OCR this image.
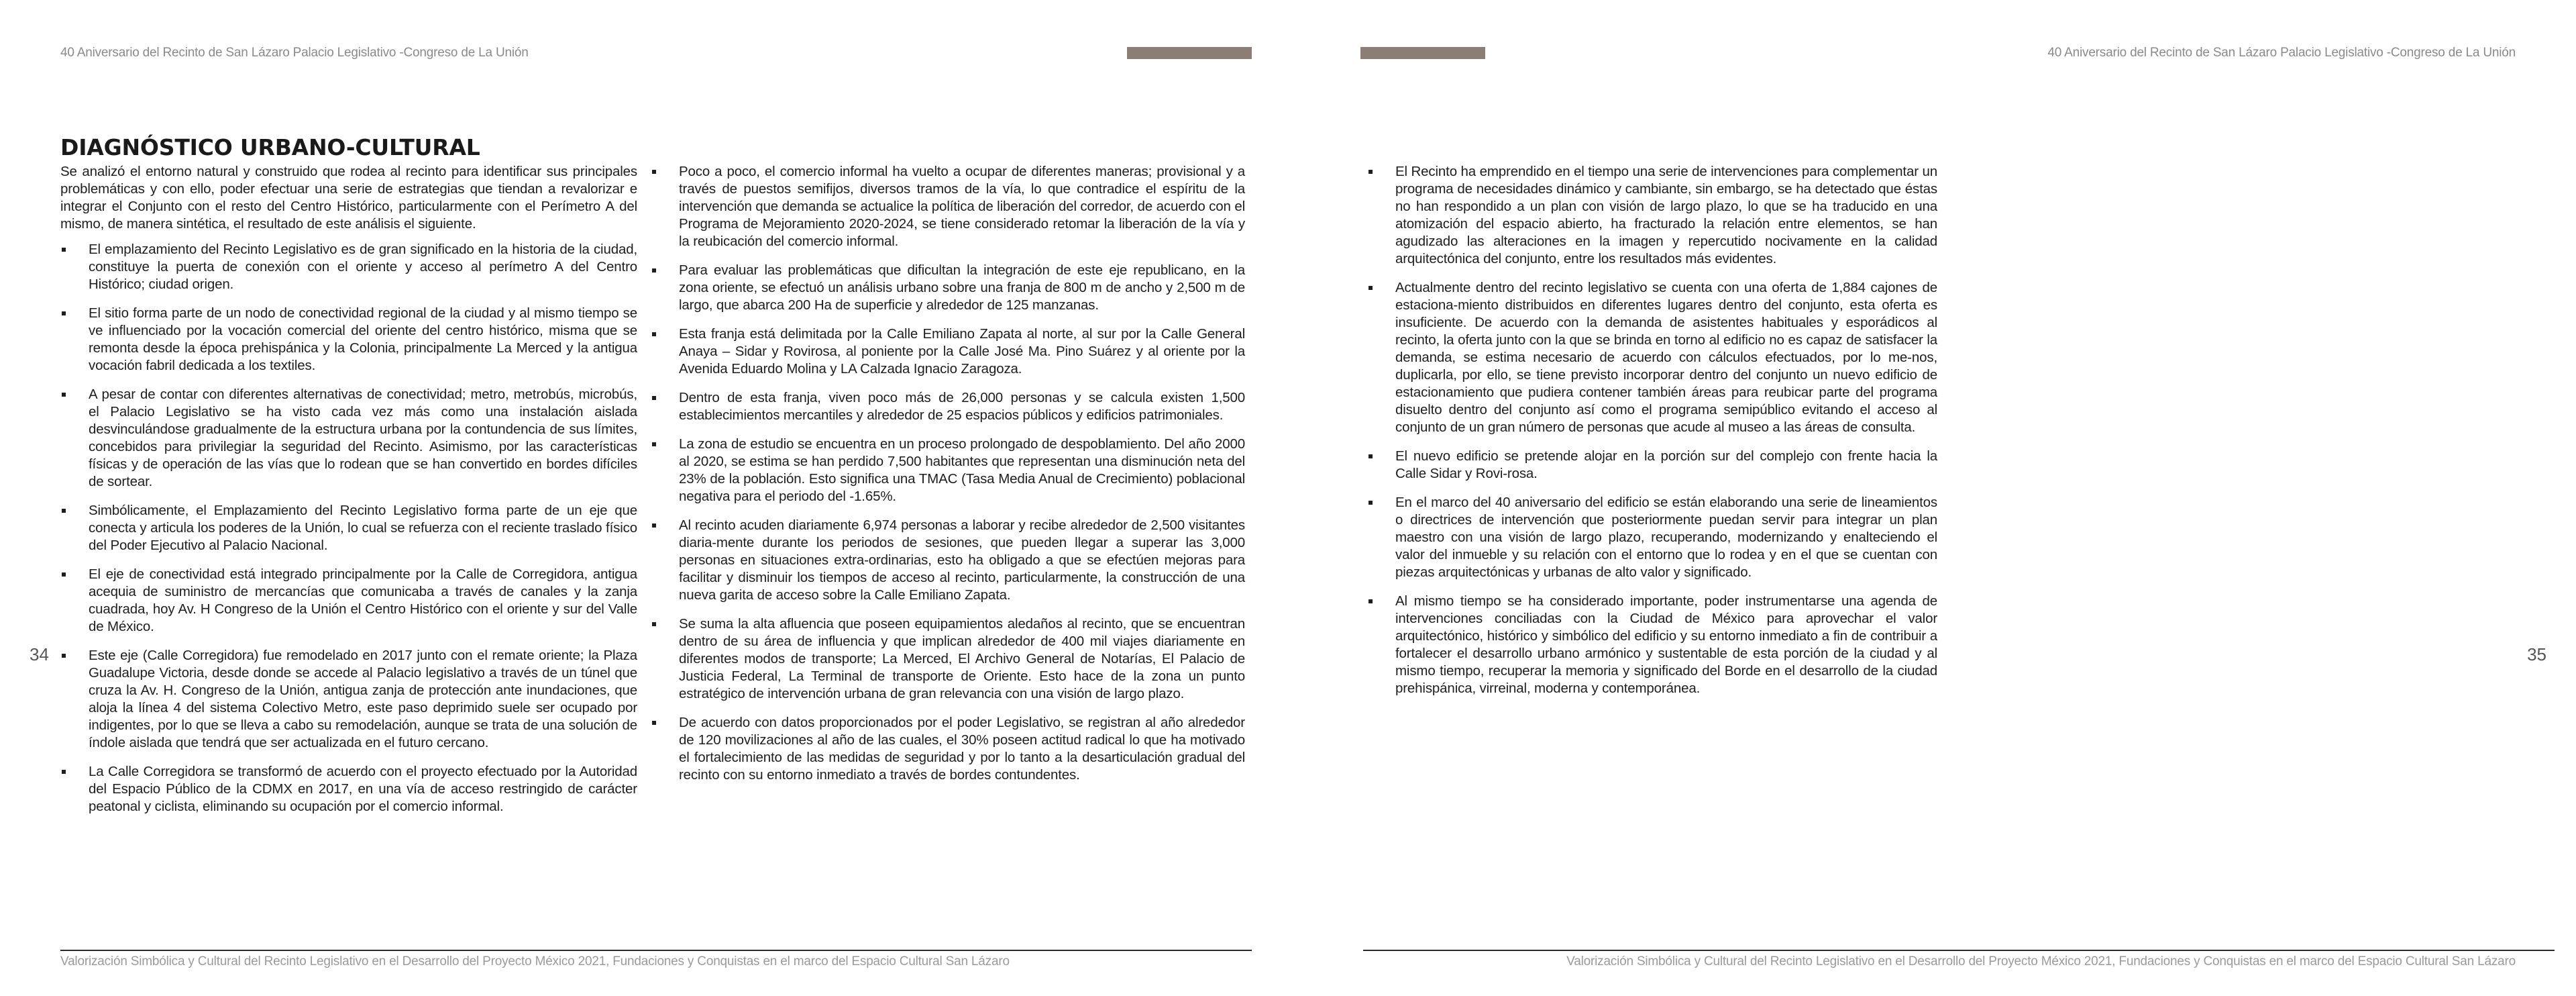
40 Aniversario del Recinto de San Lázaro Palacio Legislativo -Congreso de La Unión	40 Aniversario del Recinto de San Lázaro Palacio Legislativo -Congreso de La Unión
34	35
DIAGNÓSTICO URBANO-CULTURAL

Se analizó el entorno natural y construido que rodea al recinto para identificar sus principales problemáticas y con ello, poder efectuar una serie de estrategias que tiendan a revalorizar e integrar el Conjunto con el resto del Centro Histórico, particularmente con el Perímetro A del mismo, de manera sintética, el resultado de este análisis el siguiente.

El emplazamiento del Recinto Legislativo es de gran significado en la historia de la ciudad, constituye la puerta de conexión con el oriente y acceso al perímetro A del Centro Histórico; ciudad origen.
El sitio forma parte de un nodo de conectividad regional de la ciudad y al mismo tiempo se ve influenciado por la vocación comercial del oriente del centro histórico, misma que se remonta desde la época prehispánica y la Colonia, principalmente La Merced y la antigua vocación fabril dedicada a los textiles.
A pesar de contar con diferentes alternativas de conectividad; metro, metrobús, microbús, el Palacio Legislativo se ha visto cada vez más como una instalación aislada desvinculándose gradualmente de la estructura urbana por la contundencia de sus límites, concebidos para privilegiar la seguridad del Recinto. Asimismo, por las características físicas y de operación de las vías que lo rodean que se han convertido en bordes difíciles de sortear.
Simbólicamente, el Emplazamiento del Recinto Legislativo forma parte de un eje que conecta y articula los poderes de la Unión, lo cual se refuerza con el reciente traslado físico del Poder Ejecutivo al Palacio Nacional.
El eje de conectividad está integrado principalmente por la Calle de Corregidora, antigua acequia de suministro de mercancías que comunicaba a través de canales y la zanja cuadrada, hoy Av. H Congreso de la Unión el Centro Histórico con el oriente y sur del Valle de México.
Este eje (Calle Corregidora) fue remodelado en 2017 junto con el remate oriente; la Plaza Guadalupe Victoria, desde donde se accede al Palacio legislativo a través de un túnel que cruza la Av. H. Congreso de la Unión, antigua zanja de protección ante inundaciones, que aloja la línea 4 del sistema Colectivo Metro, este paso deprimido suele ser ocupado por indigentes, por lo que se lleva a cabo su remodelación, aunque se trata de una solución de índole aislada que tendrá que ser actualizada en el futuro cercano.
La Calle Corregidora se transformó de acuerdo con el proyecto efectuado por la Autoridad del Espacio Público de la CDMX en 2017, en una vía de acceso restringido de carácter peatonal y ciclista, eliminando su ocupación por el comercio informal.
Poco a poco, el comercio informal ha vuelto a ocupar de diferentes maneras; provisional y a través de puestos semifijos, diversos tramos de la vía, lo que contradice el espíritu de la intervención que demanda se actualice la política de liberación del corredor, de acuerdo con el Programa de Mejoramiento 2020-2024, se tiene considerado retomar la liberación de la vía y la reubicación del comercio informal.
Para evaluar las problemáticas que dificultan la integración de este eje republicano, en la zona oriente, se efectuó un análisis urbano sobre una franja de 800 m de ancho y 2,500 m de largo, que abarca 200 Ha de superficie y alrededor de 125 manzanas.
Esta franja está delimitada por la Calle Emiliano Zapata al norte, al sur por la Calle General Anaya – Sidar y Rovirosa, al poniente por la Calle José Ma. Pino Suárez y al oriente por la Avenida Eduardo Molina y LA Calzada Ignacio Zaragoza.
Dentro de esta franja, viven poco más de 26,000 personas y se calcula existen 1,500 establecimientos mercantiles y alrededor de 25 espacios públicos y edificios patrimoniales.
La zona de estudio se encuentra en un proceso prolongado de despoblamiento. Del año 2000 al 2020, se estima se han perdido 7,500 habitantes que representan una disminución neta del 23% de la población. Esto significa una TMAC (Tasa Media Anual de Crecimiento) poblacional negativa para el periodo del -1.65%.
Al recinto acuden diariamente 6,974 personas a laborar y recibe alrededor de 2,500 visitantes diaria-mente durante los periodos de sesiones, que pueden llegar a superar las 3,000 personas en situaciones extra-ordinarias, esto ha obligado a que se efectúen mejoras para facilitar y disminuir los tiempos de acceso al recinto, particularmente, la construcción de una nueva garita de acceso sobre la Calle Emiliano Zapata.
Se suma la alta afluencia que poseen equipamientos aledaños al recinto, que se encuentran dentro de su área de influencia y que implican alrededor de 400 mil viajes diariamente en diferentes modos de transporte; La Merced, El Archivo General de Notarías, El Palacio de Justicia Federal, La Terminal de transporte de Oriente. Esto hace de la zona un punto estratégico de intervención urbana de gran relevancia con una visión de largo plazo.
De acuerdo con datos proporcionados por el poder Legislativo, se registran al año alrededor de 120 movilizaciones al año de las cuales, el 30% poseen actitud radical lo que ha motivado el fortalecimiento de las medidas de seguridad y por lo tanto a la desarticulación gradual del recinto con su entorno inmediato a través de bordes contundentes.
El Recinto ha emprendido en el tiempo una serie de intervenciones para complementar un programa de necesidades dinámico y cambiante, sin embargo, se ha detectado que éstas no han respondido a un plan con visión de largo plazo, lo que se ha traducido en una atomización del espacio abierto, ha fracturado la relación entre elementos, se han agudizado las alteraciones en la imagen y repercutido nocivamente en la calidad arquitectónica del conjunto, entre los resultados más evidentes.
Actualmente dentro del recinto legislativo se cuenta con una oferta de 1,884 cajones de estaciona-miento distribuidos en diferentes lugares dentro del conjunto, esta oferta es insuficiente. De acuerdo con la demanda de asistentes habituales y esporádicos al recinto, la oferta junto con la que se brinda en torno al edificio no es capaz de satisfacer la demanda, se estima necesario de acuerdo con cálculos efectuados, por lo me-nos, duplicarla, por ello, se tiene previsto incorporar dentro del conjunto un nuevo edificio de estacionamiento que pudiera contener también áreas para reubicar parte del programa disuelto dentro del conjunto así como el programa semipúblico evitando el acceso al conjunto de un gran número de personas que acude al museo a las áreas de consulta.
El nuevo edificio se pretende alojar en la porción sur del complejo con frente hacia la Calle Sidar y Rovi-rosa.
En el marco del 40 aniversario del edificio se están elaborando una serie de lineamientos o directrices de intervención que posteriormente puedan servir para integrar un plan maestro con una visión de largo plazo, recuperando, modernizando y enalteciendo el valor del inmueble y su relación con el entorno que lo rodea y en el que se cuentan con piezas arquitectónicas y urbanas de alto valor y significado.
Al mismo tiempo se ha considerado importante, poder instrumentarse una agenda de intervenciones conciliadas con la Ciudad de México para aprovechar el valor arquitectónico, histórico y simbólico del edificio y su entorno inmediato a fin de contribuir a fortalecer el desarrollo urbano armónico y sustentable de esta porción de la ciudad y al mismo tiempo, recuperar la memoria y significado del Borde en el desarrollo de la ciudad prehispánica, virreinal, moderna y contemporánea.
Valorización Simbólica y Cultural del Recinto Legislativo en el Desarrollo del Proyecto México 2021, Fundaciones y Conquistas en el marco del Espacio Cultural San Lázaro	Valorización Simbólica y Cultural del Recinto Legislativo en el Desarrollo del Proyecto México 2021, Fundaciones y Conquistas en el marco del Espacio Cultural San Lázaro
